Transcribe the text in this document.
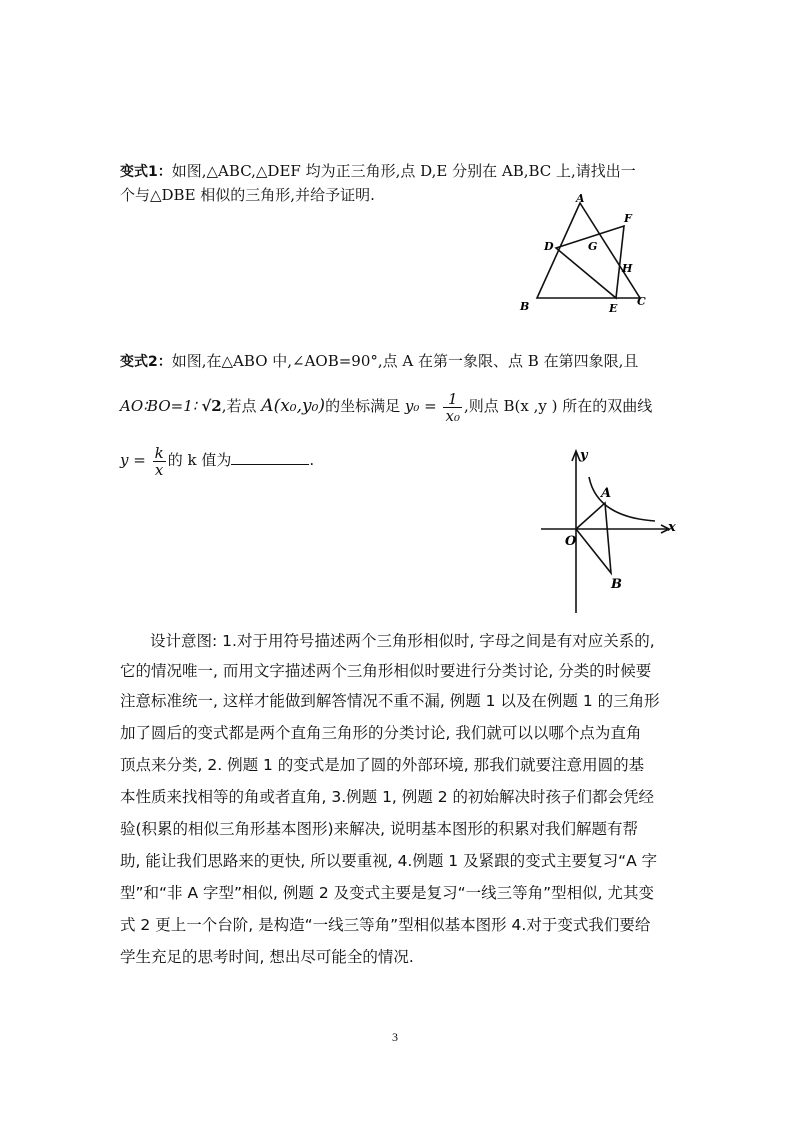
变式1：如图,△ABC,△DEF 均为正三角形,点 D,E 分别在 AB,BC 上,请找出一
个与△DBE 相似的三角形,并给予证明.	A
B	C
D
E
F
G
H
变式2：如图,在△ABO 中,∠AOB=90°,点 A 在第一象限、点 B 在第四象限,且
AO∶BO=1∶ √2,若点 A(x₀,y₀)的坐标满足 $y_0 = \frac{1}{\text{x₀}}$ ,则点 B(x ,y ) 所在的双曲线
$y = \frac{k}{x}$ 的 k 值为	.	y
x
O
A
B
设计意图: 1.对于用符号描述两个三角形相似时, 字母之间是有对应关系的,
它的情况唯一, 而用文字描述两个三角形相似时要进行分类讨论, 分类的时候要
注意标准统一, 这样才能做到解答情况不重不漏, 例题 1 以及在例题 1 的三角形
加了圆后的变式都是两个直角三角形的分类讨论, 我们就可以以哪个点为直角
顶点来分类, 2. 例题 1 的变式是加了圆的外部环境, 那我们就要注意用圆的基
本性质来找相等的角或者直角, 3.例题 1, 例题 2 的初始解决时孩子们都会凭经
验(积累的相似三角形基本图形)来解决, 说明基本图形的积累对我们解题有帮
助, 能让我们思路来的更快, 所以要重视, 4.例题 1 及紧跟的变式主要复习“A 字
型”和“非 A 字型”相似, 例题 2 及变式主要是复习“一线三等角”型相似, 尤其变
式 2 更上一个台阶, 是构造“一线三等角”型相似基本图形 4.对于变式我们要给
学生充足的思考时间, 想出尽可能全的情况.
3
